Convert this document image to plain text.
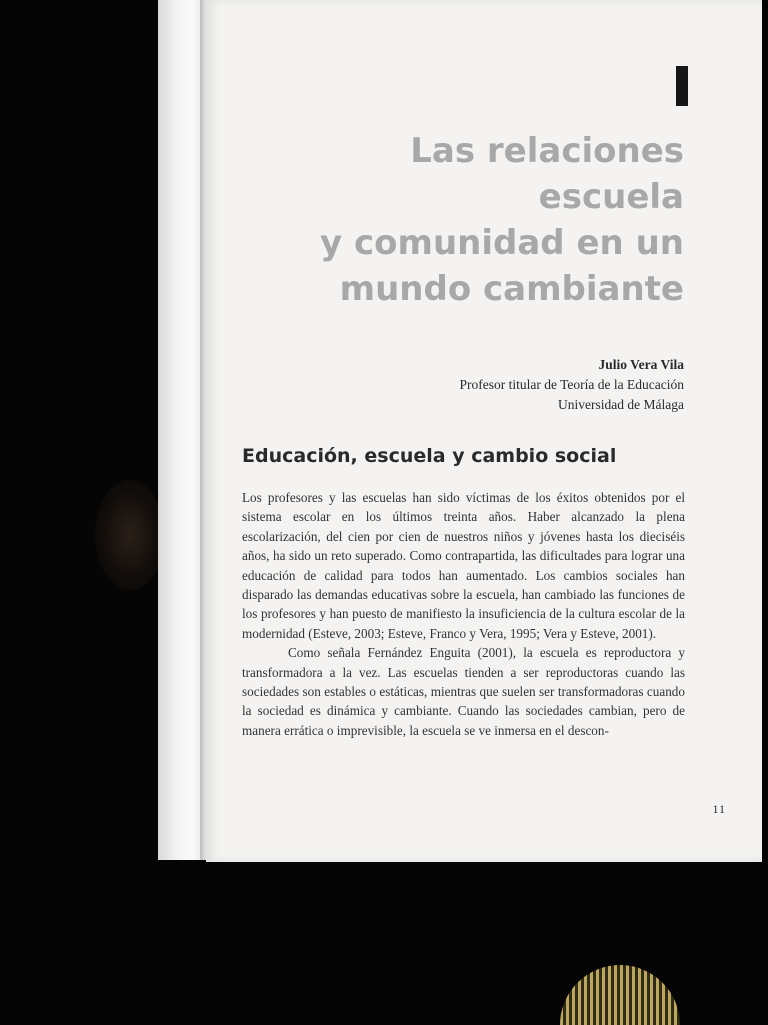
Las relaciones escuela
y comunidad en un
mundo cambiante
Julio Vera Vila
Profesor titular de Teoría de la Educación
Universidad de Málaga
Educación, escuela y cambio social

Los profesores y las escuelas han sido víctimas de los éxitos obtenidos por el sistema escolar en los últimos treinta años. Haber alcanzado la plena escolarización, del cien por cien de nuestros niños y jóvenes hasta los dieciséis años, ha sido un reto superado. Como contrapartida, las dificultades para lograr una educación de calidad para todos han aumentado. Los cambios sociales han disparado las demandas educativas sobre la escuela, han cambiado las funciones de los profesores y han puesto de manifiesto la insuficiencia de la cultura escolar de la modernidad (Esteve, 2003; Esteve, Franco y Vera, 1995; Vera y Esteve, 2001).

Como señala Fernández Enguita (2001), la escuela es reproductora y transformadora a la vez. Las escuelas tienden a ser reproductoras cuando las sociedades son estables o estáticas, mientras que suelen ser transformadoras cuando la sociedad es dinámica y cambiante. Cuando las sociedades cambian, pero de manera errática o imprevisible, la escuela se ve inmersa en el descon-

11
